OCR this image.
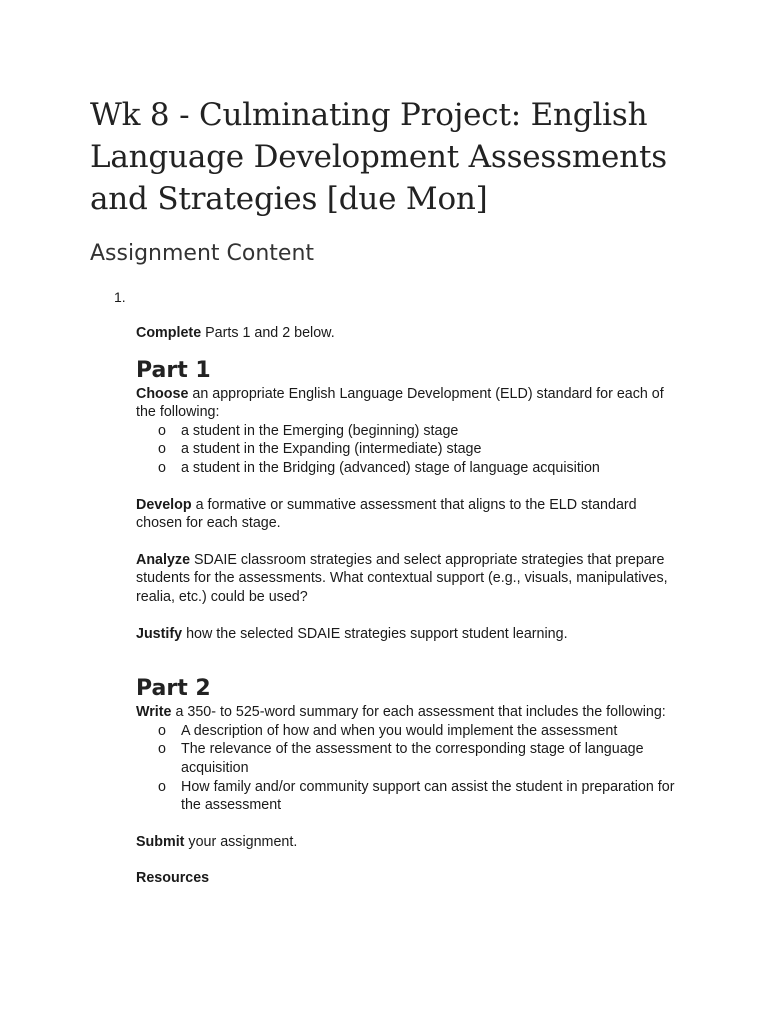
Wk 8 - Culminating Project: English Language Development Assessments and Strategies [due Mon]
Assignment Content
1.

Complete Parts 1 and 2 below.

Part 1

Choose an appropriate English Language Development (ELD) standard for each of the following:

o a student in the Emerging (beginning) stage
o a student in the Expanding (intermediate) stage
o a student in the Bridging (advanced) stage of language acquisition

Develop a formative or summative assessment that aligns to the ELD standard chosen for each stage.

Analyze SDAIE classroom strategies and select appropriate strategies that prepare students for the assessments. What contextual support (e.g., visuals, manipulatives, realia, etc.) could be used?

Justify how the selected SDAIE strategies support student learning.

Part 2

Write a 350- to 525-word summary for each assessment that includes the following:

o A description of how and when you would implement the assessment
o The relevance of the assessment to the corresponding stage of language acquisition
o How family and/or community support can assist the student in preparation for the assessment

Submit your assignment.

Resources
